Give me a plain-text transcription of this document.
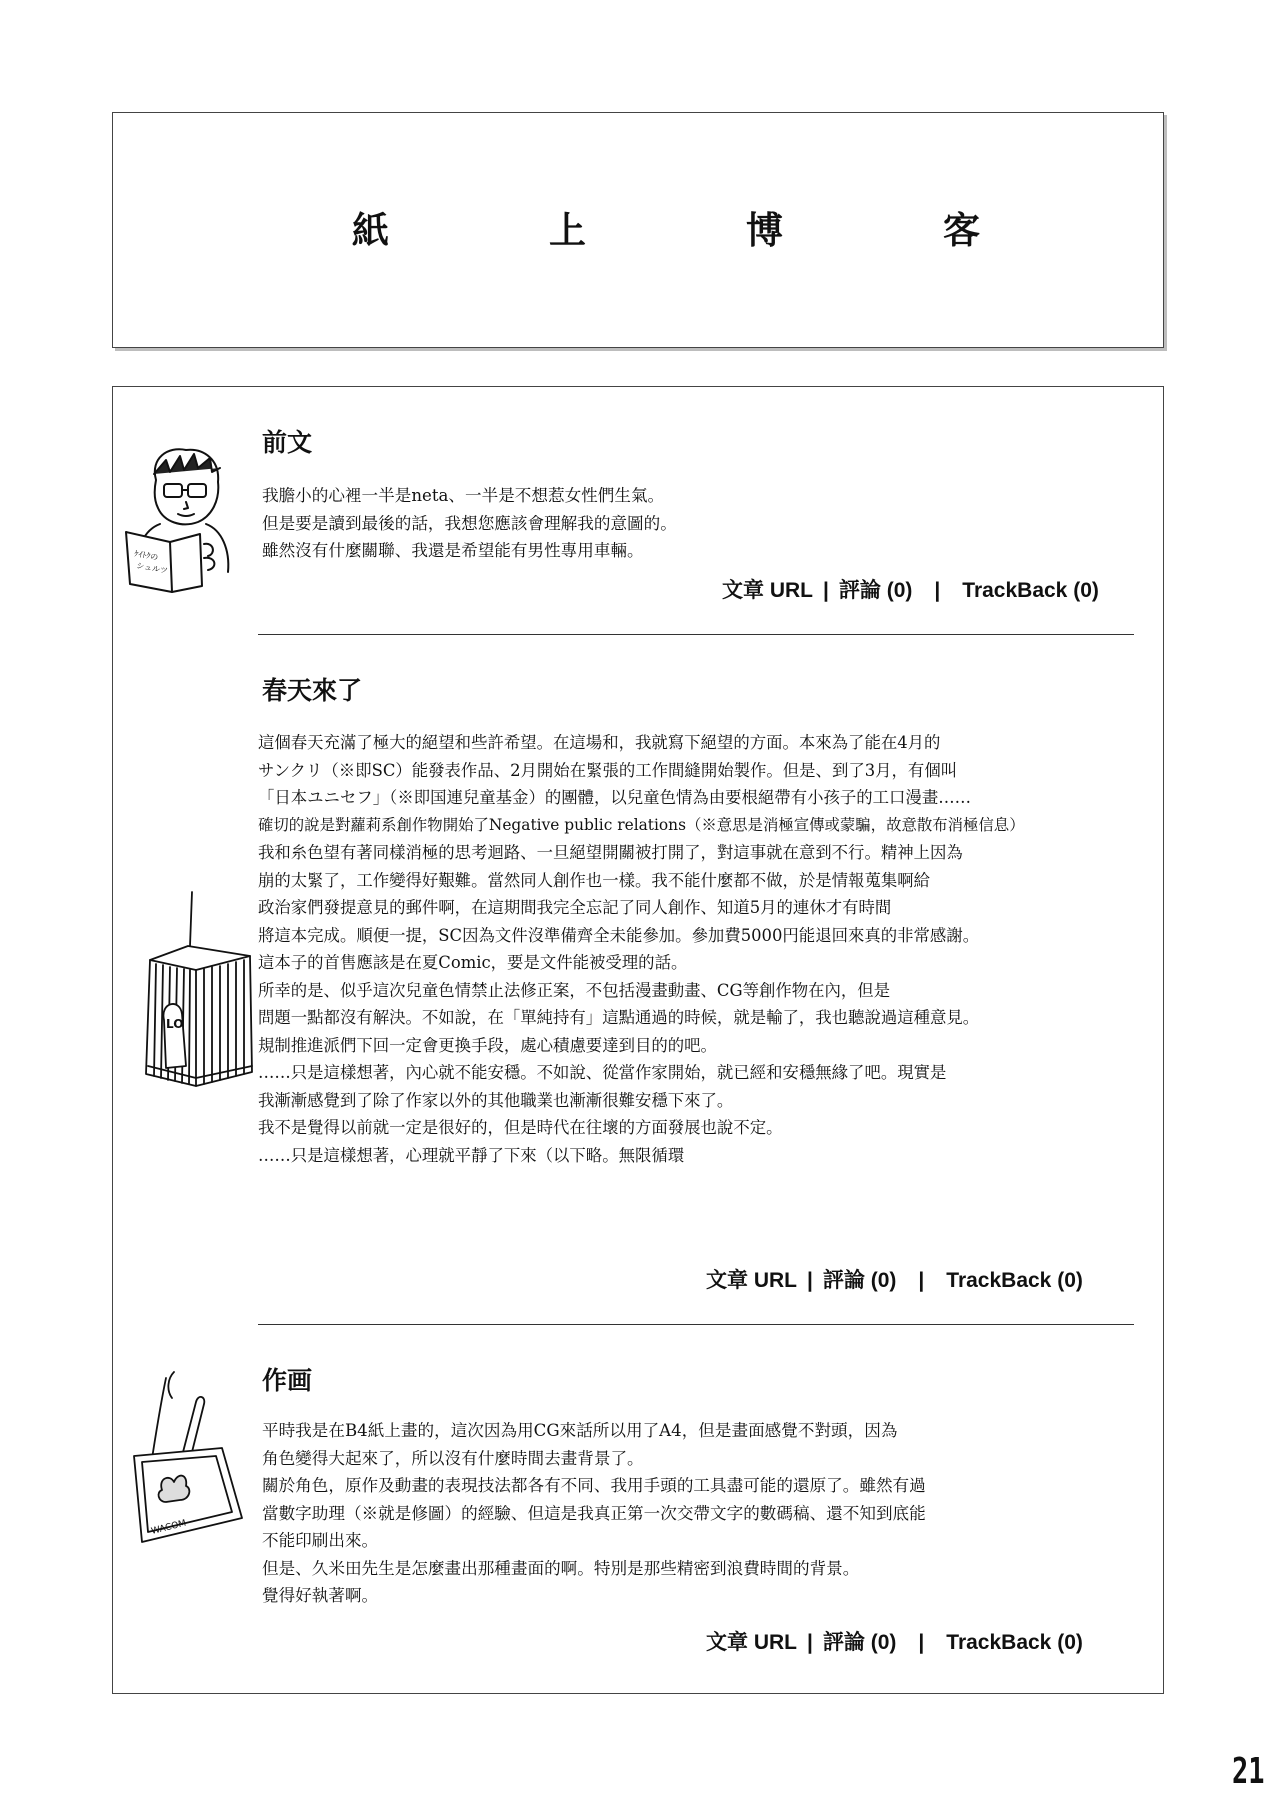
紙	上	博	客
ｹｲﾄｸの
シュルツ
前文

我膽小的心裡一半是neta、一半是不想惹女性們生氣。

但是要是讀到最後的話，我想您應該會理解我的意圖的。

雖然沒有什麼關聯、我還是希望能有男性專用車輛。

文章 URL | 評論 (0) | TrackBack (0)
LO
春天來了

這個春天充滿了極大的絕望和些許希望。在這場和，我就寫下絕望的方面。本來為了能在4月的

サンクリ（※即SC）能發表作品、2月開始在緊張的工作間縫開始製作。但是、到了3月，有個叫

「日本ユニセフ」（※即国連兒童基金）的團體，以兒童色情為由要根絕帶有小孩子的工口漫畫……

確切的說是對蘿莉系創作物開始了Negative public relations（※意思是消極宣傳或蒙騙，故意散布消極信息）

我和糸色望有著同樣消極的思考迴路、一旦絕望開關被打開了，對這事就在意到不行。精神上因為

崩的太緊了，工作變得好艱難。當然同人創作也一樣。我不能什麼都不做，於是情報蒐集啊給

政治家們發提意見的郵件啊，在這期間我完全忘記了同人創作、知道5月的連休才有時間

將這本完成。順便一提，SC因為文件沒準備齊全未能參加。參加費5000円能退回來真的非常感謝。

這本子的首售應該是在夏Comic，要是文件能被受理的話。

所幸的是、似乎這次兒童色情禁止法修正案，不包括漫畫動畫、CG等創作物在內，但是

問題一點都沒有解決。不如說，在「單純持有」這點通過的時候，就是輸了，我也聽說過這種意見。

規制推進派們下回一定會更換手段，處心積慮要達到目的的吧。

……只是這樣想著，內心就不能安穩。不如說、從當作家開始，就已經和安穩無緣了吧。現實是

我漸漸感覺到了除了作家以外的其他職業也漸漸很難安穩下來了。

我不是覺得以前就一定是很好的，但是時代在往壞的方面發展也說不定。

……只是這樣想著，心理就平靜了下來（以下略。無限循環

文章 URL | 評論 (0) | TrackBack (0)
WACOM
作画

平時我是在B4紙上畫的，這次因為用CG來話所以用了A4，但是畫面感覺不對頭，因為

角色變得大起來了，所以沒有什麼時間去畫背景了。

關於角色，原作及動畫的表現技法都各有不同、我用手頭的工具盡可能的還原了。雖然有過

當數字助理（※就是修圖）的經驗、但這是我真正第一次交帶文字的數碼稿、還不知到底能

不能印刷出來。

但是、久米田先生是怎麼畫出那種畫面的啊。特別是那些精密到浪費時間的背景。

覺得好執著啊。

文章 URL | 評論 (0) | TrackBack (0)
21
